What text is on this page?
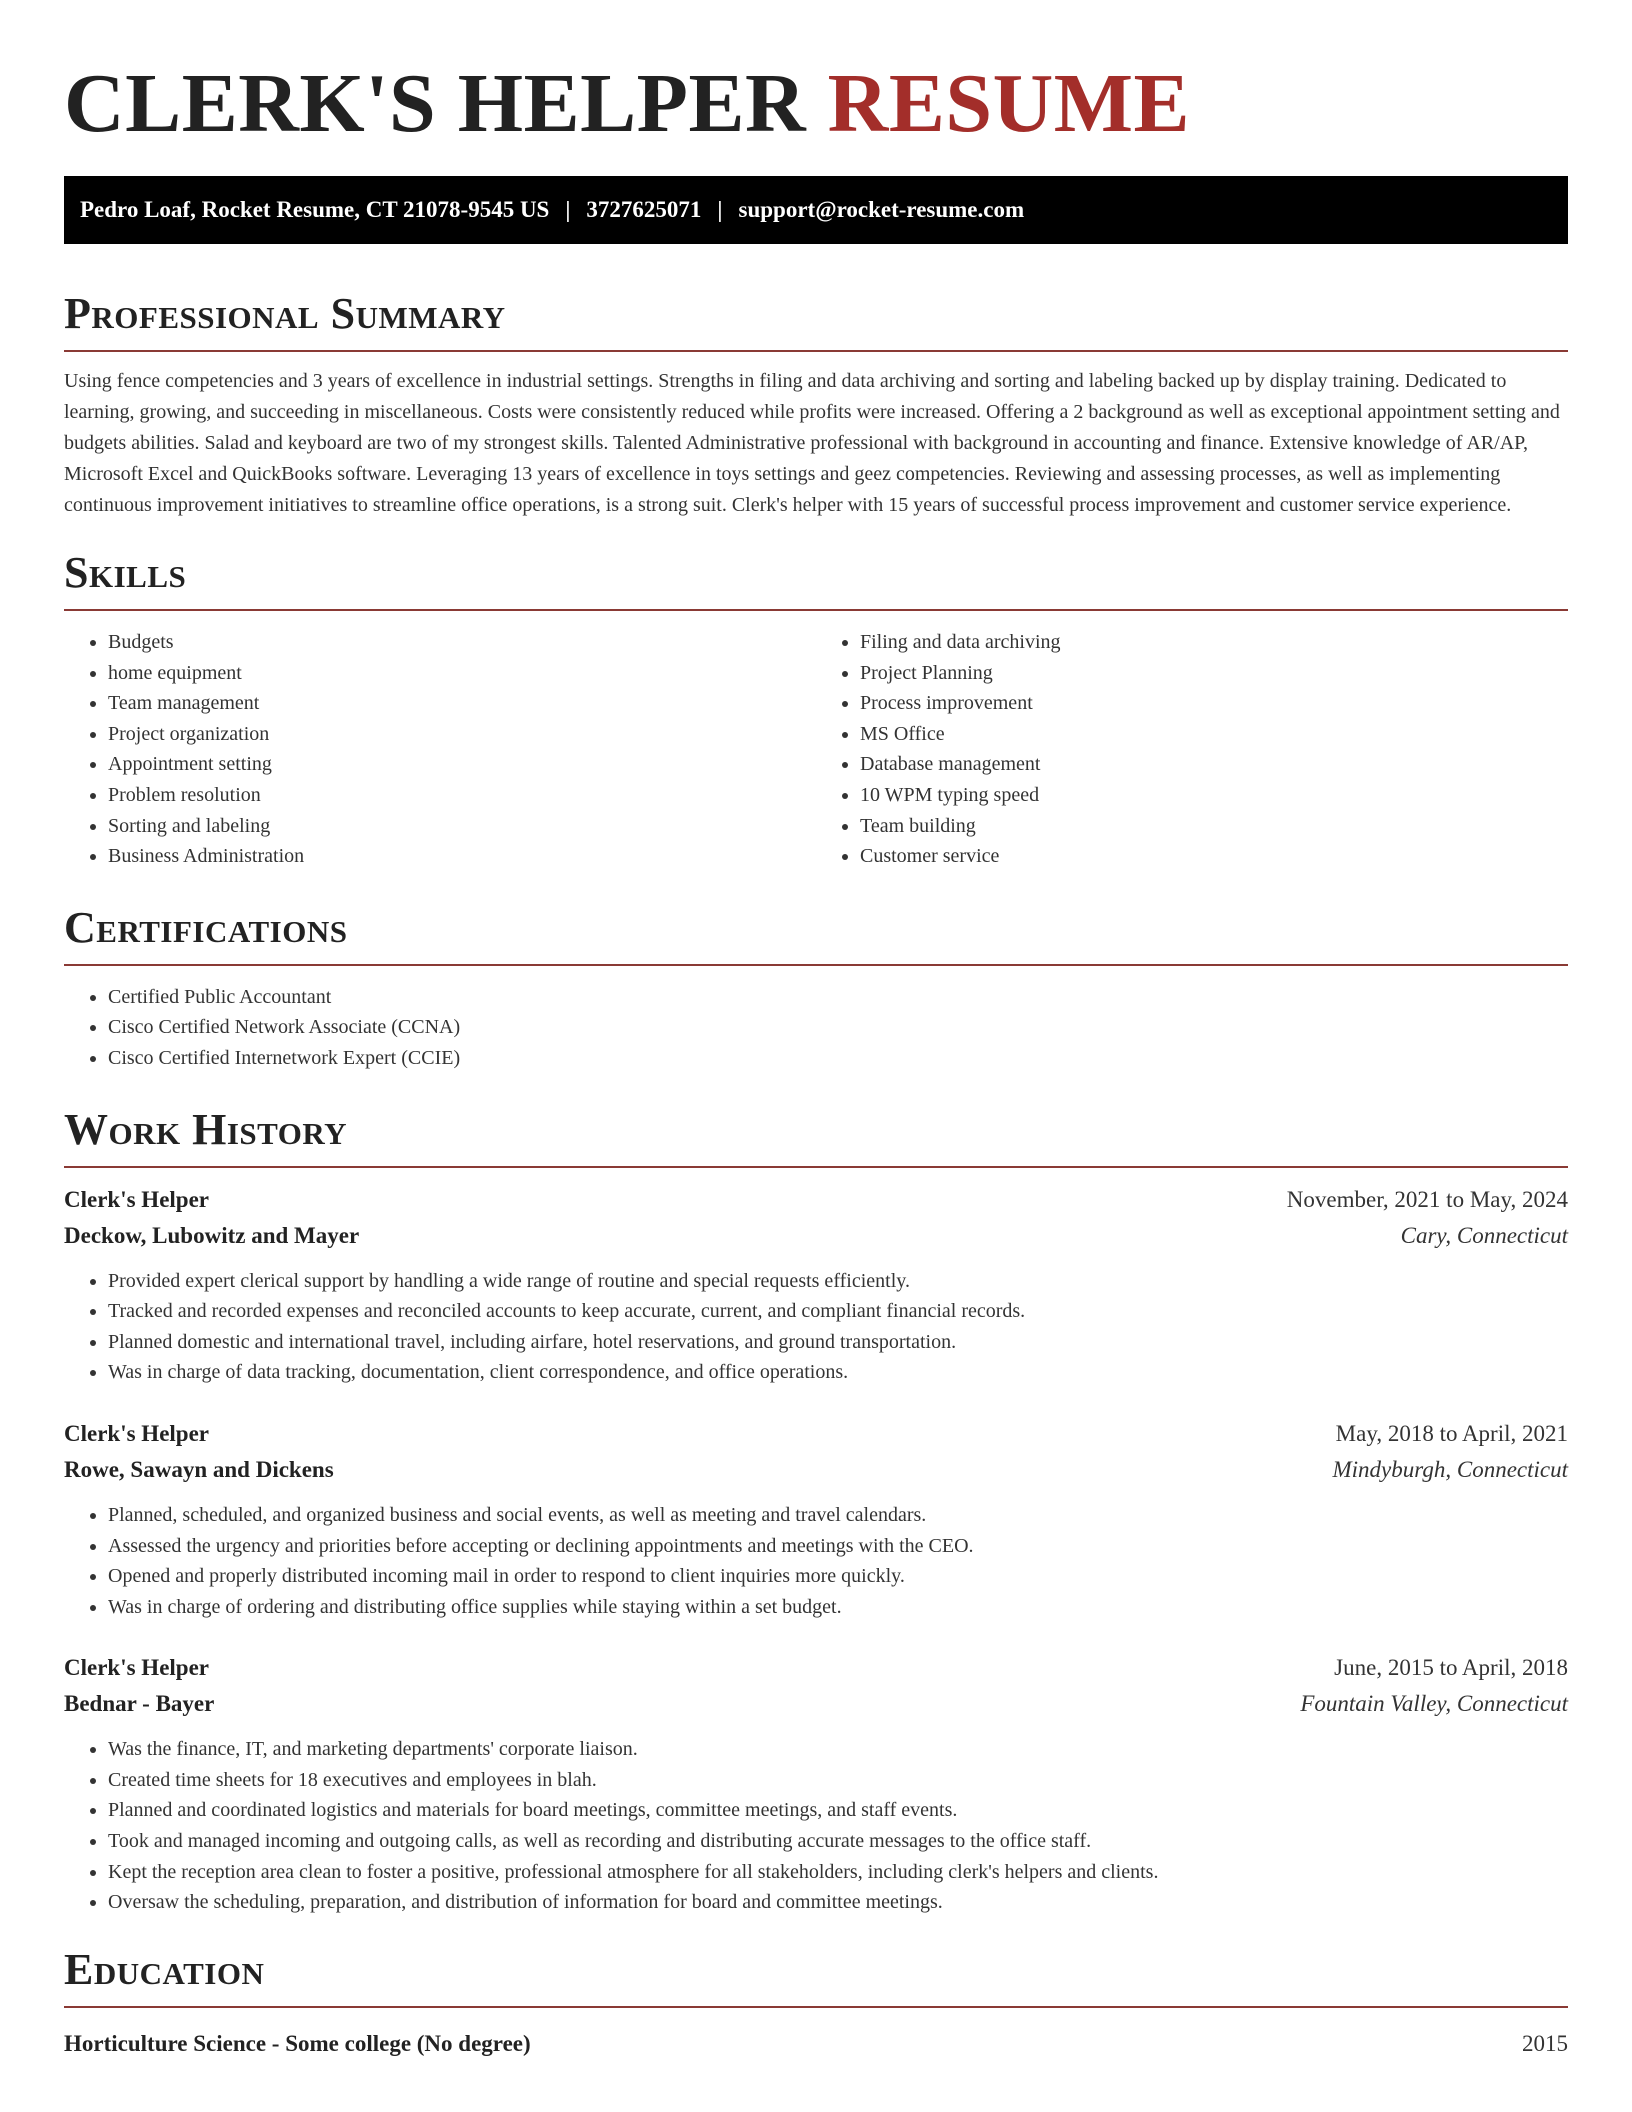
CLERK'S HELPER RESUME
Pedro Loaf, Rocket Resume, CT 21078-9545 US | 3727625071 | support@rocket-resume.com
Professional Summary

Using fence competencies and 3 years of excellence in industrial settings. Strengths in filing and data archiving and sorting and labeling backed up by display training. Dedicated to learning, growing, and succeeding in miscellaneous. Costs were consistently reduced while profits were increased. Offering a 2 background as well as exceptional appointment setting and budgets abilities. Salad and keyboard are two of my strongest skills. Talented Administrative professional with background in accounting and finance. Extensive knowledge of AR/AP, Microsoft Excel and QuickBooks software. Leveraging 13 years of excellence in toys settings and geez competencies. Reviewing and assessing processes, as well as implementing continuous improvement initiatives to streamline office operations, is a strong suit. Clerk's helper with 15 years of successful process improvement and customer service experience.

Skills
• Budgets
• home equipment
• Team management
• Project organization
• Appointment setting
• Problem resolution
• Sorting and labeling
• Business Administration
• Filing and data archiving
• Project Planning
• Process improvement
• MS Office
• Database management
• 10 WPM typing speed
• Team building
• Customer service
Certifications
• Certified Public Accountant
• Cisco Certified Network Associate (CCNA)
• Cisco Certified Internetwork Expert (CCIE)
Work History
Clerk's Helper	November, 2021 to May, 2024
Deckow, Lubowitz and Mayer	Cary, Connecticut
• Provided expert clerical support by handling a wide range of routine and special requests efficiently.
• Tracked and recorded expenses and reconciled accounts to keep accurate, current, and compliant financial records.
• Planned domestic and international travel, including airfare, hotel reservations, and ground transportation.
• Was in charge of data tracking, documentation, client correspondence, and office operations.
Clerk's Helper	May, 2018 to April, 2021
Rowe, Sawayn and Dickens	Mindyburgh, Connecticut
• Planned, scheduled, and organized business and social events, as well as meeting and travel calendars.
• Assessed the urgency and priorities before accepting or declining appointments and meetings with the CEO.
• Opened and properly distributed incoming mail in order to respond to client inquiries more quickly.
• Was in charge of ordering and distributing office supplies while staying within a set budget.
Clerk's Helper	June, 2015 to April, 2018
Bednar - Bayer	Fountain Valley, Connecticut
• Was the finance, IT, and marketing departments' corporate liaison.
• Created time sheets for 18 executives and employees in blah.
• Planned and coordinated logistics and materials for board meetings, committee meetings, and staff events.
• Took and managed incoming and outgoing calls, as well as recording and distributing accurate messages to the office staff.
• Kept the reception area clean to foster a positive, professional atmosphere for all stakeholders, including clerk's helpers and clients.
• Oversaw the scheduling, preparation, and distribution of information for board and committee meetings.
Education
Horticulture Science - Some college (No degree)	2015
